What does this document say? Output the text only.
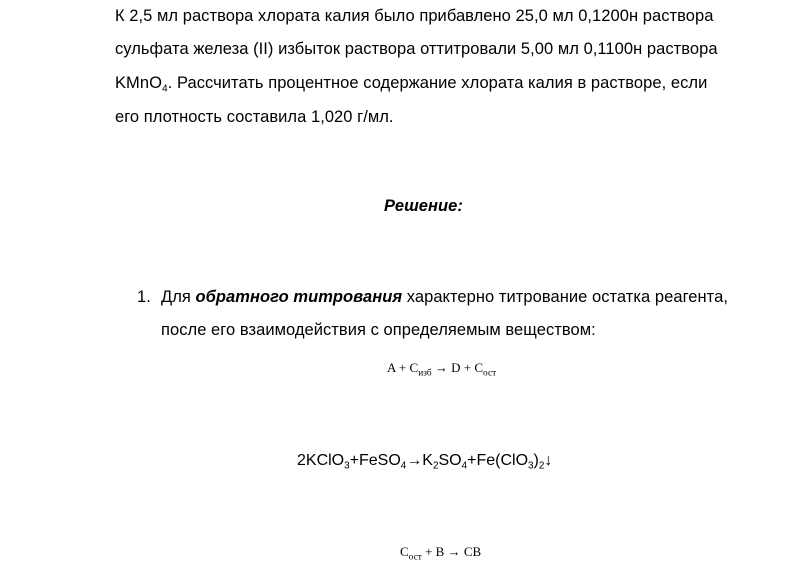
К 2,5 мл раствора хлората калия было прибавлено 25,0 мл 0,1200н раствора
сульфата железа (II) избыток раствора оттитровали 5,00 мл 0,1100н раствора
KMnO$_4$. Рассчитать процентное содержание хлората калия в растворе, если
его плотность составила 1,020 г/мл.
Решение:
1. Для обратного титрования характерно титрование остатка реагента,
после его взаимодействия с определяемым веществом:
$A + C_{изб} \to D + C_{ост}$
$2KClO_3+FeSO_4\to K_2SO_4+Fe(ClO_3)_2↓$
$C_{ост} + B$ → CB
